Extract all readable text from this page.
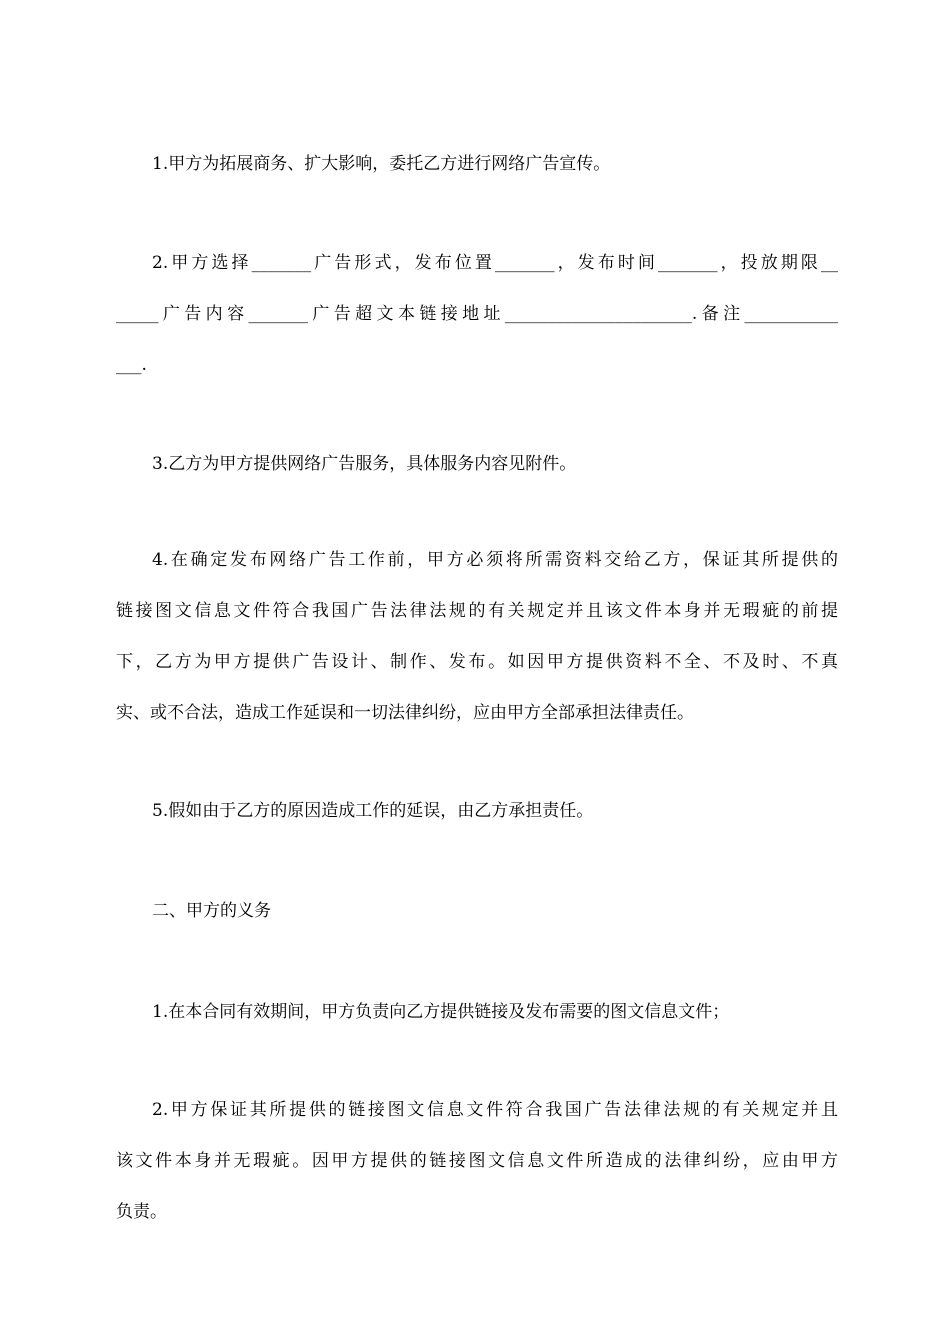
1.甲方为拓展商务、扩大影响，委托乙方进行网络广告宣传。
2.甲方选择_______广告形式，发布位置_______，发布时间_______，投放期限__
_____广告内容_______广告超文本链接地址______________________.备注___________
___.
3.乙方为甲方提供网络广告服务，具体服务内容见附件。
4.在确定发布网络广告工作前，甲方必须将所需资料交给乙方，保证其所提供的
链接图文信息文件符合我国广告法律法规的有关规定并且该文件本身并无瑕疵的前提
下，乙方为甲方提供广告设计、制作、发布。如因甲方提供资料不全、不及时、不真
实、或不合法，造成工作延误和一切法律纠纷，应由甲方全部承担法律责任。
5.假如由于乙方的原因造成工作的延误，由乙方承担责任。
二、甲方的义务
1.在本合同有效期间，甲方负责向乙方提供链接及发布需要的图文信息文件；
2.甲方保证其所提供的链接图文信息文件符合我国广告法律法规的有关规定并且
该文件本身并无瑕疵。因甲方提供的链接图文信息文件所造成的法律纠纷，应由甲方
负责。
